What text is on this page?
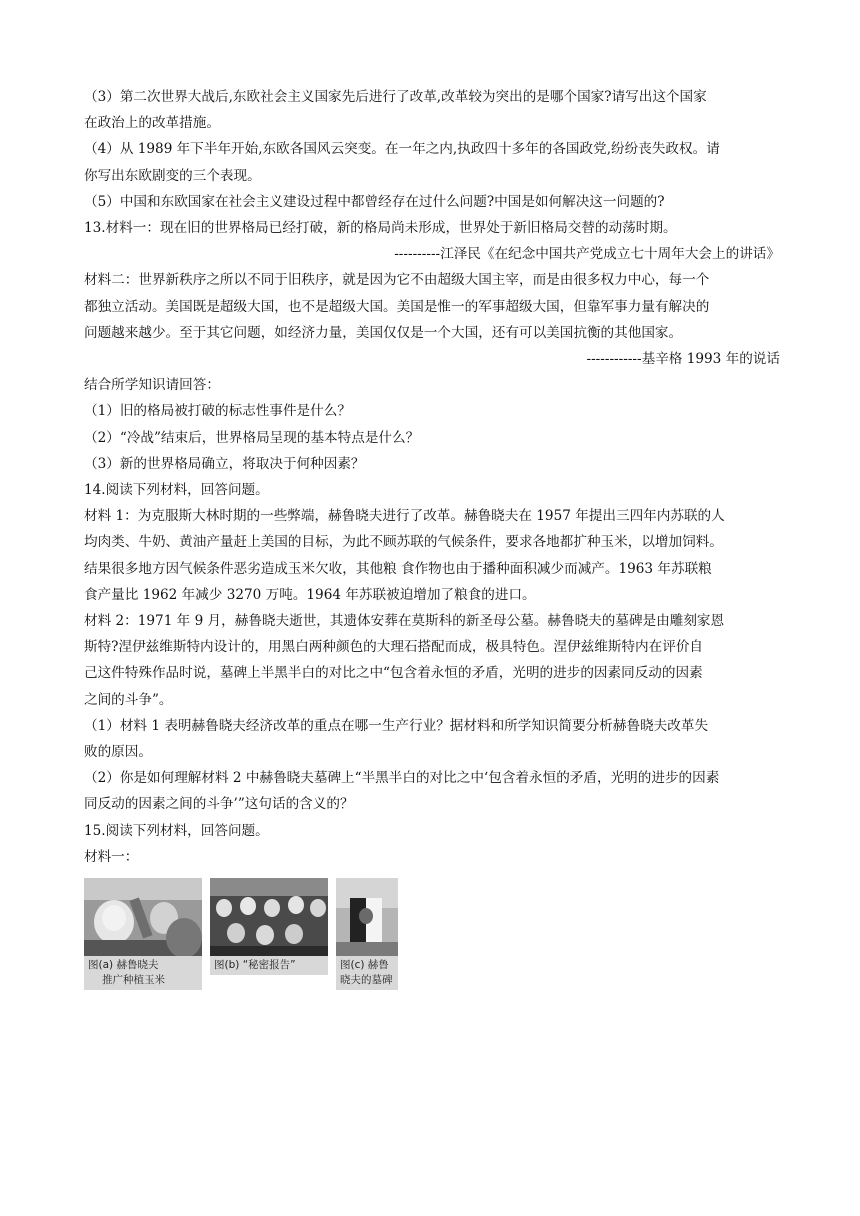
（3）第二次世界大战后,东欧社会主义国家先后进行了改革,改革较为突出的是哪个国家?请写出这个国家

在政治上的改革措施。

（4）从 1989 年下半年开始,东欧各国风云突变。在一年之内,执政四十多年的各国政党,纷纷丧失政权。请

你写出东欧剧变的三个表现。

（5）中国和东欧国家在社会主义建设过程中都曾经存在过什么问题?中国是如何解决这一问题的?

13.材料一：现在旧的世界格局已经打破，新的格局尚未形成，世界处于新旧格局交替的动荡时期。

----------江泽民《在纪念中国共产党成立七十周年大会上的讲话》

材料二：世界新秩序之所以不同于旧秩序，就是因为它不由超级大国主宰，而是由很多权力中心，每一个

都独立活动。美国既是超级大国，也不是超级大国。美国是惟一的军事超级大国，但靠军事力量有解决的

问题越来越少。至于其它问题，如经济力量，美国仅仅是一个大国，还有可以美国抗衡的其他国家。

------------基辛格 1993 年的说话

结合所学知识请回答：

（1）旧的格局被打破的标志性事件是什么？

（2）“冷战”结束后，世界格局呈现的基本特点是什么？

（3）新的世界格局确立，将取决于何种因素？

14.阅读下列材料，回答问题。

材料 1：为克服斯大林时期的一些弊端，赫鲁晓夫进行了改革。赫鲁晓夫在 1957 年提出三四年内苏联的人

均肉类、牛奶、黄油产量赶上美国的目标，为此不顾苏联的气候条件，要求各地都扩种玉米，以增加饲料。

结果很多地方因气候条件恶劣造成玉米欠收，其他粮 食作物也由于播种面积减少而减产。1963 年苏联粮

食产量比 1962 年减少 3270 万吨。1964 年苏联被迫增加了粮食的进口。

材料 2：1971 年 9 月，赫鲁晓夫逝世，其遗体安葬在莫斯科的新圣母公墓。赫鲁晓夫的墓碑是由雕刻家恩

斯特?涅伊兹维斯特内设计的，用黑白两种颜色的大理石搭配而成，极具特色。涅伊兹维斯特内在评价自

己这件特殊作品时说，墓碑上半黑半白的对比之中“包含着永恒的矛盾，光明的进步的因素同反动的因素

之间的斗争”。

（1）材料 1 表明赫鲁晓夫经济改革的重点在哪一生产行业？据材料和所学知识简要分析赫鲁晓夫改革失

败的原因。

（2）你是如何理解材料 2 中赫鲁晓夫墓碑上“半黑半白的对比之中‘包含着永恒的矛盾，光明的进步的因素

同反动的因素之间的斗争’”这句话的含义的？

15.阅读下列材料，回答问题。

材料一：

图(a) 赫鲁晓夫
推广种植玉米
图(b) “秘密报告”	图(c) 赫鲁
晓夫的墓碑
